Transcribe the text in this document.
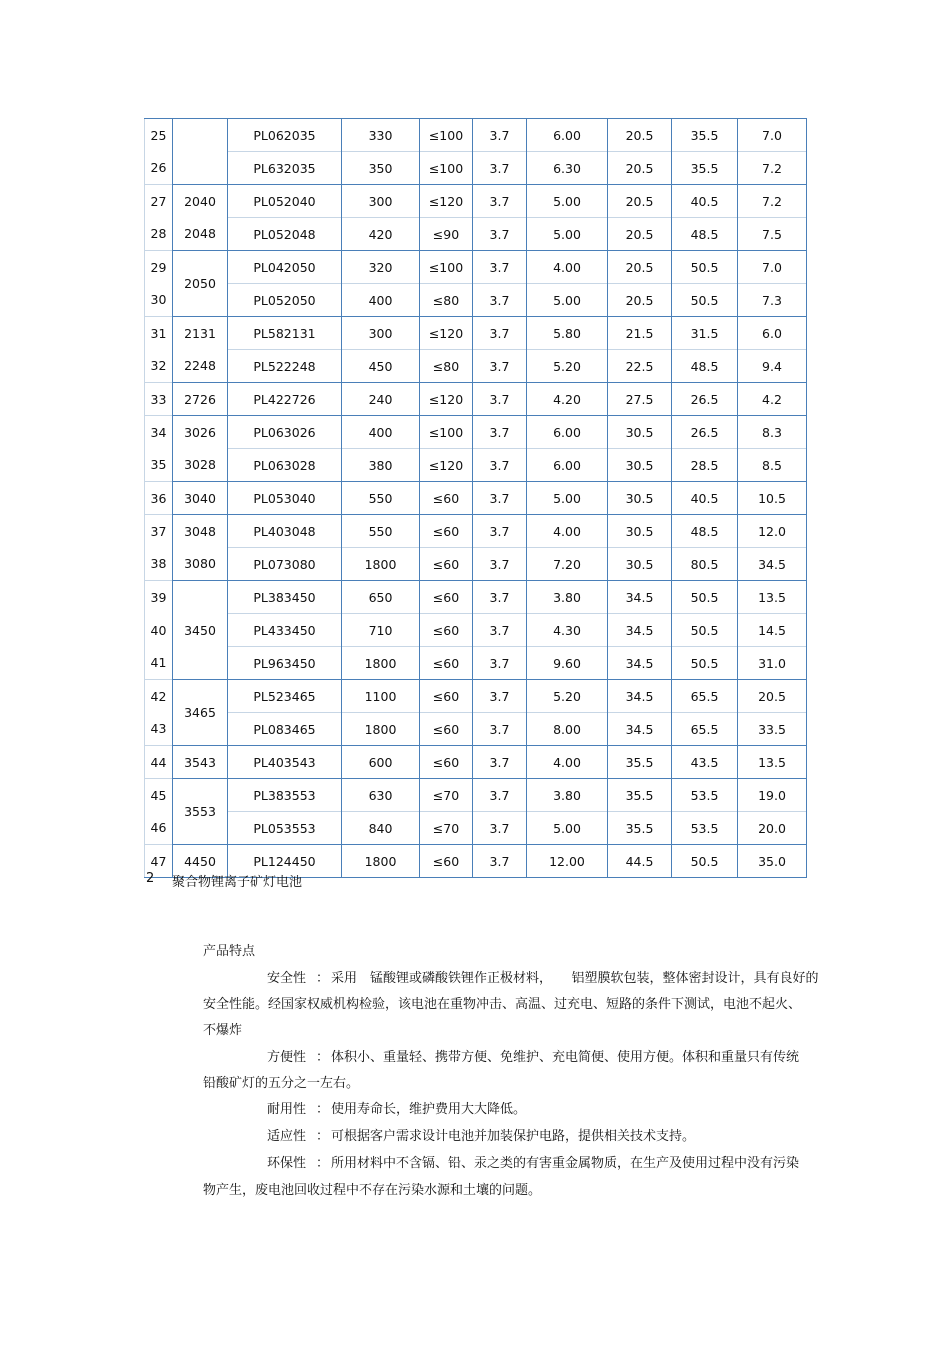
25		PL062035	330	≤100	3.7	6.00	20.5	35.5	7.0
26		PL632035	350	≤100	3.7	6.30	20.5	35.5	7.2
27	2040	PL052040	300	≤120	3.7	5.00	20.5	40.5	7.2
28	2048	PL052048	420	≤90	3.7	5.00	20.5	48.5	7.5
29	2050	PL042050	320	≤100	3.7	4.00	20.5	50.5	7.0
30		PL052050	400	≤80	3.7	5.00	20.5	50.5	7.3
31	2131	PL582131	300	≤120	3.7	5.80	21.5	31.5	6.0
32	2248	PL522248	450	≤80	3.7	5.20	22.5	48.5	9.4
33	2726	PL422726	240	≤120	3.7	4.20	27.5	26.5	4.2
34	3026	PL063026	400	≤100	3.7	6.00	30.5	26.5	8.3
35	3028	PL063028	380	≤120	3.7	6.00	30.5	28.5	8.5
36	3040	PL053040	550	≤60	3.7	5.00	30.5	40.5	10.5
37	3048	PL403048	550	≤60	3.7	4.00	30.5	48.5	12.0
38	3080	PL073080	1800	≤60	3.7	7.20	30.5	80.5	34.5
39	3450	PL383450	650	≤60	3.7	3.80	34.5	50.5	13.5
40		PL433450	710	≤60	3.7	4.30	34.5	50.5	14.5
41		PL963450	1800	≤60	3.7	9.60	34.5	50.5	31.0
42	3465	PL523465	1100	≤60	3.7	5.20	34.5	65.5	20.5
43		PL083465	1800	≤60	3.7	8.00	34.5	65.5	33.5
44	3543	PL403543	600	≤60	3.7	4.00	35.5	43.5	13.5
45	3553	PL383553	630	≤70	3.7	3.80	35.5	53.5	19.0
46		PL053553	840	≤70	3.7	5.00	35.5	53.5	20.0
47	4450	PL124450	1800	≤60	3.7	12.00	44.5	50.5	35.0
2 聚合物锂离子矿灯电池
产品特点
安全性 ： 采用　锰酸锂或磷酸铁锂作正极材料，　　铝塑膜软包装，整体密封设计，具有良好的
安全性能。经国家权威机构检验，该电池在重物冲击、高温、过充电、短路的条件下测试，电池不起火、
不爆炸
方便性 ： 体积小、重量轻、携带方便、免维护、充电简便、使用方便。体积和重量只有传统
铅酸矿灯的五分之一左右。
耐用性 ： 使用寿命长，维护费用大大降低。
适应性 ： 可根据客户需求设计电池并加装保护电路，提供相关技术支持。
环保性 ： 所用材料中不含镉、铅、汞之类的有害重金属物质，在生产及使用过程中没有污染
物产生，废电池回收过程中不存在污染水源和土壤的问题。
